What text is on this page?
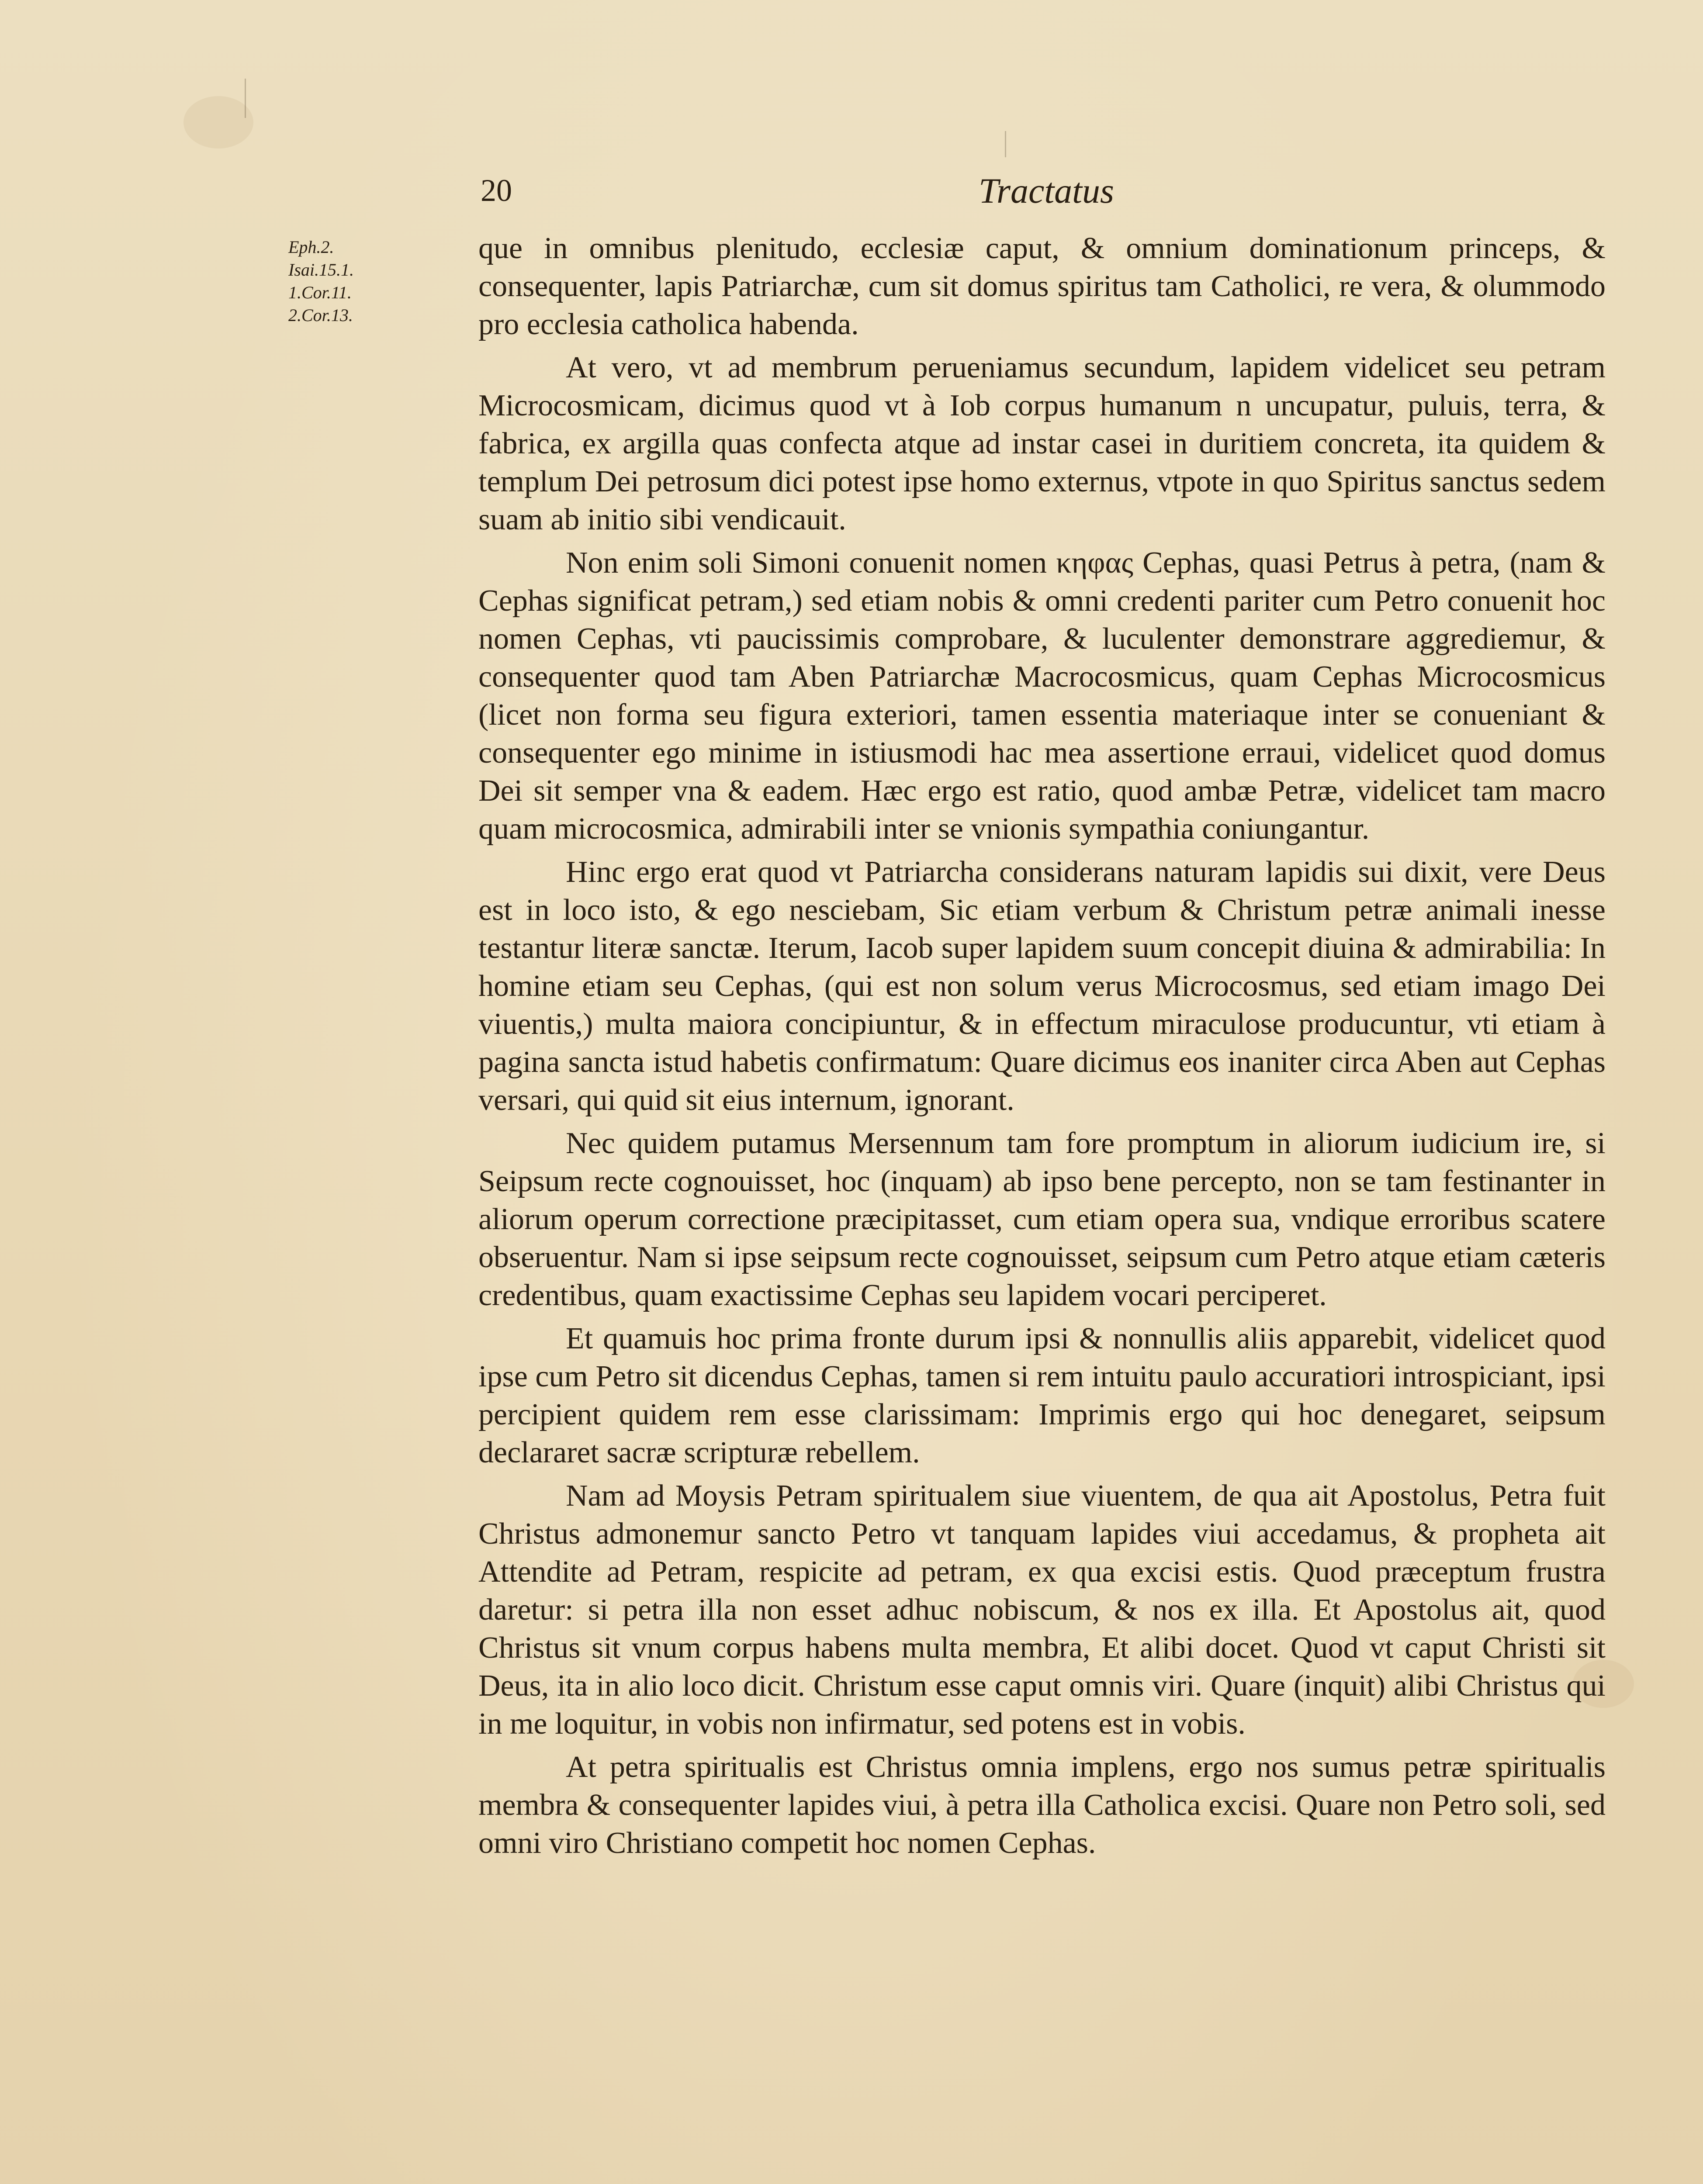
20	Tractatus
Eph.2.
Isai.15.1.
1.Cor.11.
2.Cor.13.

que in omnibus plenitudo, ecclesiæ caput, & omnium dominationum princeps, & consequenter, lapis Patriarchæ, cum sit domus spiritus tam Catholici, re vera, & olummodo pro ecclesia catholica habenda.

At vero, vt ad membrum perueniamus secundum, lapidem videlicet seu petram Microcosmicam, dicimus quod vt à Iob corpus humanum n uncupatur, puluis, terra, & fabrica, ex argilla quas confecta atque ad instar casei in duritiem concreta, ita quidem & templum Dei petrosum dici potest ipse homo externus, vtpote in quo Spiritus sanctus sedem suam ab initio sibi vendicauit.

Non enim soli Simoni conuenit nomen κηφας Cephas, quasi Petrus à petra, (nam & Cephas significat petram,) sed etiam nobis & omni credenti pariter cum Petro conuenit hoc nomen Cephas, vti paucissimis comprobare, & luculenter demonstrare aggrediemur, & consequenter quod tam Aben Patriarchæ Macrocosmicus, quam Cephas Microcosmicus (licet non forma seu figura exteriori, tamen essentia materiaque inter se conueniant & consequenter ego minime in istiusmodi hac mea assertione erraui, videlicet quod domus Dei sit semper vna & eadem. Hæc ergo est ratio, quod ambæ Petræ, videlicet tam macro quam microcosmica, admirabili inter se vnionis sympathia coniungantur.

Hinc ergo erat quod vt Patriarcha considerans naturam lapidis sui dixit, vere Deus est in loco isto, & ego nesciebam, Sic etiam verbum & Christum petræ animali inesse testantur literæ sanctæ. Iterum, Iacob super lapidem suum concepit diuina & admirabilia: In homine etiam seu Cephas, (qui est non solum verus Microcosmus, sed etiam imago Dei viuentis,) multa maiora concipiuntur, & in effectum miraculose producuntur, vti etiam à pagina sancta istud habetis confirmatum: Quare dicimus eos inaniter circa Aben aut Cephas versari, qui quid sit eius internum, ignorant.

Nec quidem putamus Mersennum tam fore promptum in aliorum iudicium ire, si Seipsum recte cognouisset, hoc (inquam) ab ipso bene percepto, non se tam festinanter in aliorum operum correctione præcipitasset, cum etiam opera sua, vndique erroribus scatere obseruentur. Nam si ipse seipsum recte cognouisset, seipsum cum Petro atque etiam cæteris credentibus, quam exactissime Cephas seu lapidem vocari perciperet.

Et quamuis hoc prima fronte durum ipsi & nonnullis aliis apparebit, videlicet quod ipse cum Petro sit dicendus Cephas, tamen si rem intuitu paulo accuratiori introspiciant, ipsi percipient quidem rem esse clarissimam: Imprimis ergo qui hoc denegaret, seipsum declararet sacræ scripturæ rebellem.

Nam ad Moysis Petram spiritualem siue viuentem, de qua ait Apostolus, Petra fuit Christus admonemur sancto Petro vt tanquam lapides viui accedamus, & propheta ait Attendite ad Petram, respicite ad petram, ex qua excisi estis. Quod præceptum frustra daretur: si petra illa non esset adhuc nobiscum, & nos ex illa. Et Apostolus ait, quod Christus sit vnum corpus habens multa membra, Et alibi docet. Quod vt caput Christi sit Deus, ita in alio loco dicit. Christum esse caput omnis viri. Quare (inquit) alibi Christus qui in me loquitur, in vobis non infirmatur, sed potens est in vobis.

At petra spiritualis est Christus omnia implens, ergo nos sumus petræ spiritualis membra & consequenter lapides viui, à petra illa Catholica excisi. Quare non Petro soli, sed omni viro Christiano competit hoc nomen Cephas.
